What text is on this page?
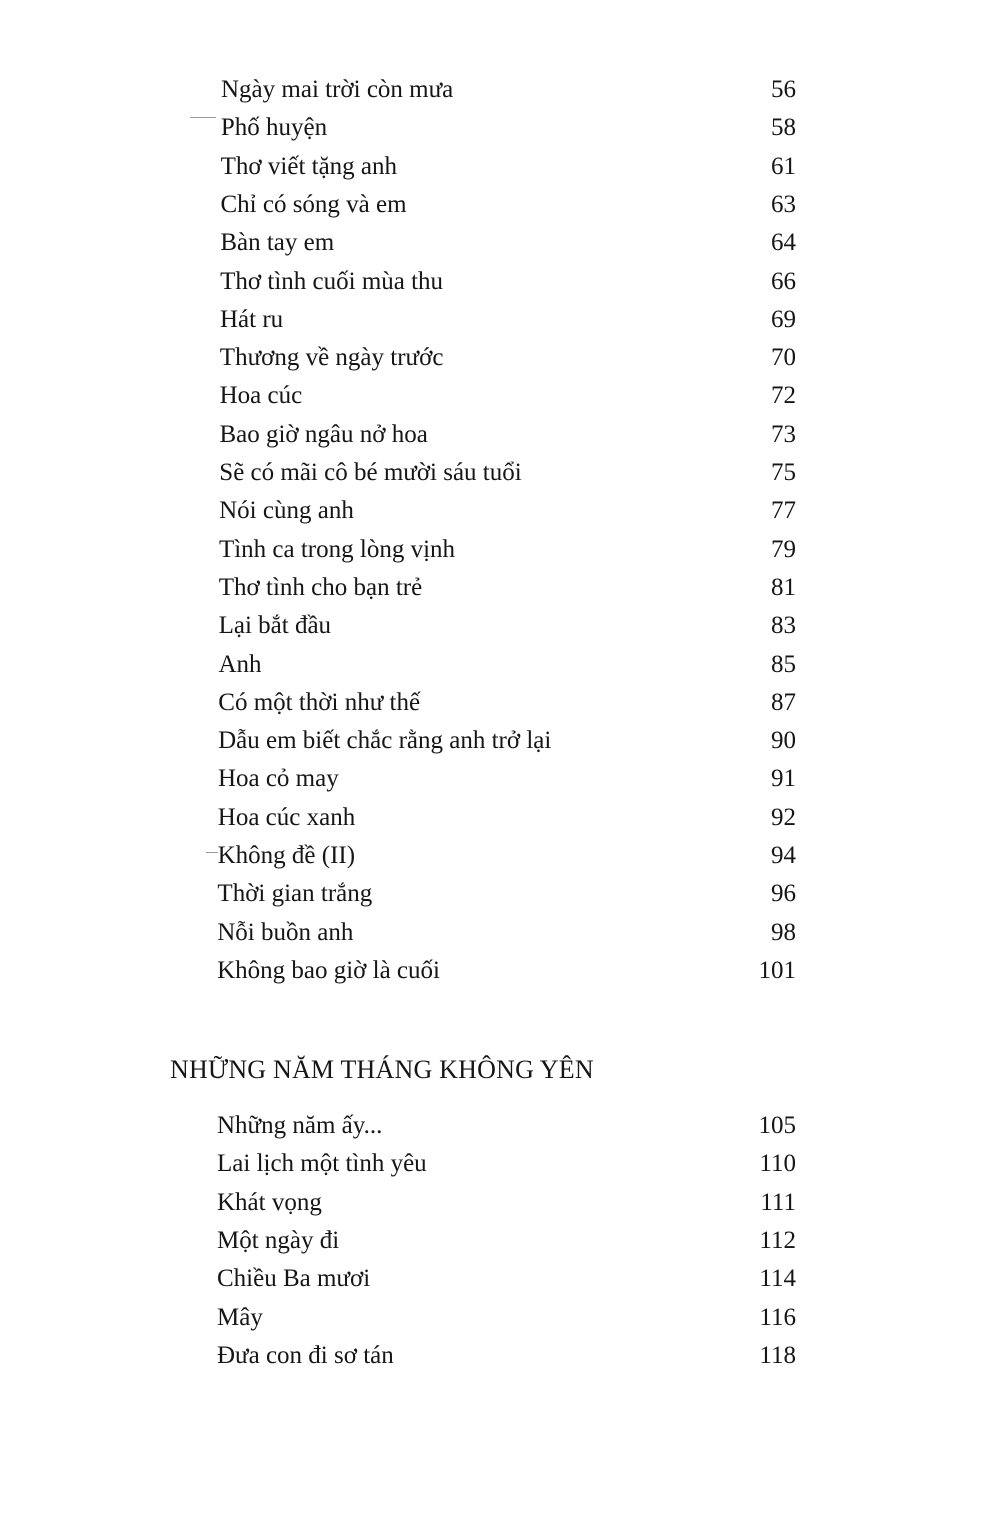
Ngày mai trời còn mưa	56
Phố huyện	58
Thơ viết tặng anh	61
Chỉ có sóng và em	63
Bàn tay em	64
Thơ tình cuối mùa thu	66
Hát ru	69
Thương về ngày trước	70
Hoa cúc	72
Bao giờ ngâu nở hoa	73
Sẽ có mãi cô bé mười sáu tuổi	75
Nói cùng anh	77
Tình ca trong lòng vịnh	79
Thơ tình cho bạn trẻ	81
Lại bắt đầu	83
Anh	85
Có một thời như thế	87
Dẫu em biết chắc rằng anh trở lại	90
Hoa cỏ may	91
Hoa cúc xanh	92
Không đề (II)	94
Thời gian trắng	96
Nỗi buồn anh	98
Không bao giờ là cuối	101
NHỮNG NĂM THÁNG KHÔNG YÊN
Những năm ấy...	105
Lai lịch một tình yêu	110
Khát vọng	111
Một ngày đi	112
Chiều Ba mươi	114
Mây	116
Đưa con đi sơ tán	118
